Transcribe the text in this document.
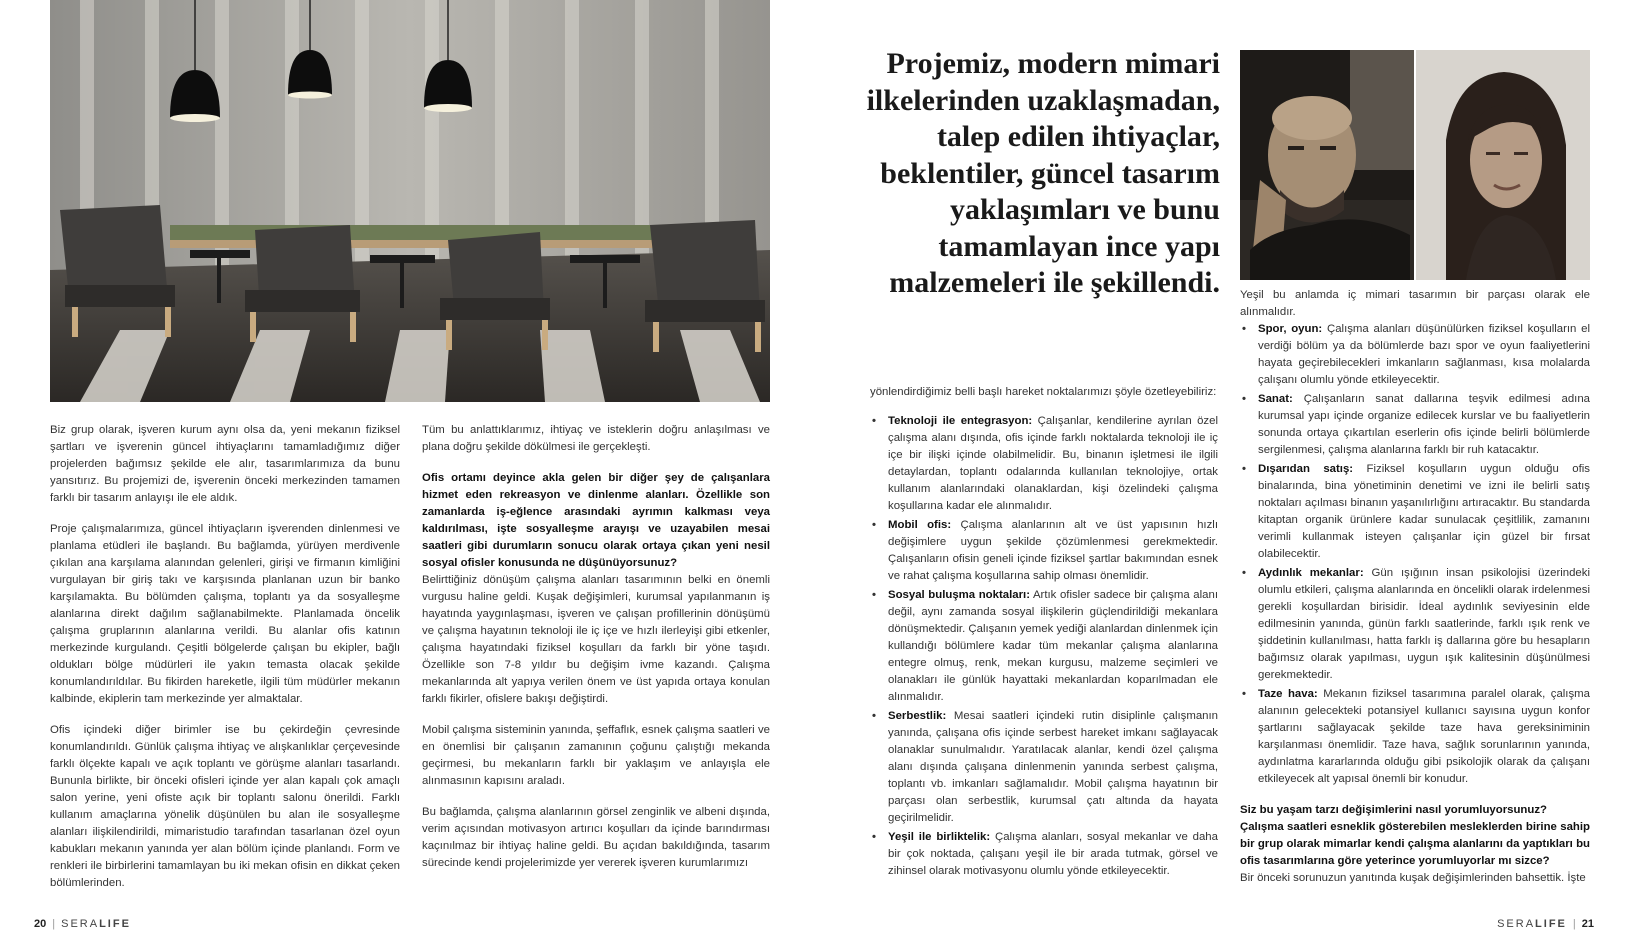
Biz grup olarak, işveren kurum aynı olsa da, yeni mekanın fiziksel şartları ve işverenin güncel ihtiyaçlarını tamamladığımız diğer projelerden bağımsız şekilde ele alır, tasarımlarımıza da bunu yansıtırız. Bu projemizi de, işverenin önceki merkezinden tamamen farklı bir tasarım anlayışı ile ele aldık.

Proje çalışmalarımıza, güncel ihtiyaçların işverenden dinlenmesi ve planlama etüdleri ile başlandı. Bu bağlamda, yürüyen merdivenle çıkılan ana karşılama alanından gelenleri, girişi ve firmanın kimliğini vurgulayan bir giriş takı ve karşısında planlanan uzun bir banko karşılamakta. Bu bölümden çalışma, toplantı ya da sosyalleşme alanlarına direkt dağılım sağlanabilmekte. Planlamada öncelik çalışma gruplarının alanlarına verildi. Bu alanlar ofis katının merkezinde kurgulandı. Çeşitli bölgelerde çalışan bu ekipler, bağlı oldukları bölge müdürleri ile yakın temasta olacak şekilde konumlandırıldılar. Bu fikirden hareketle, ilgili tüm müdürler mekanın kalbinde, ekiplerin tam merkezinde yer almaktalar.

Ofis içindeki diğer birimler ise bu çekirdeğin çevresinde konumlandırıldı. Günlük çalışma ihtiyaç ve alışkanlıklar çerçevesinde farklı ölçekte kapalı ve açık toplantı ve görüşme alanları tasarlandı. Bununla birlikte, bir önceki ofisleri içinde yer alan kapalı çok amaçlı salon yerine, yeni ofiste açık bir toplantı salonu önerildi. Farklı kullanım amaçlarına yönelik düşünülen bu alan ile sosyalleşme alanları ilişkilendirildi, mimaristudio tarafından tasarlanan özel oyun kabukları mekanın yanında yer alan bölüm içinde planlandı. Form ve renkleri ile birbirlerini tamamlayan bu iki mekan ofisin en dikkat çeken bölümlerinden.

Tüm bu anlattıklarımız, ihtiyaç ve isteklerin doğru anlaşılması ve plana doğru şekilde dökülmesi ile gerçekleşti.

Ofis ortamı deyince akla gelen bir diğer şey de çalışanlara hizmet eden rekreasyon ve dinlenme alanları. Özellikle son zamanlarda iş-eğlence arasındaki ayrımın kalkması veya kaldırılması, işte sosyalleşme arayışı ve uzayabilen mesai saatleri gibi durumların sonucu olarak ortaya çıkan yeni nesil sosyal ofisler konusunda ne düşünüyorsunuz?

Belirttiğiniz dönüşüm çalışma alanları tasarımının belki en önemli vurgusu haline geldi. Kuşak değişimleri, kurumsal yapılanmanın iş hayatında yaygınlaşması, işveren ve çalışan profillerinin dönüşümü ve çalışma hayatının teknoloji ile iç içe ve hızlı ilerleyişi gibi etkenler, çalışma hayatındaki fiziksel koşulları da farklı bir yöne taşıdı. Özellikle son 7-8 yıldır bu değişim ivme kazandı. Çalışma mekanlarında alt yapıya verilen önem ve üst yapıda ortaya konulan farklı fikirler, ofislere bakışı değiştirdi.

Mobil çalışma sisteminin yanında, şeffaflık, esnek çalışma saatleri ve en önemlisi bir çalışanın zamanının çoğunu çalıştığı mekanda geçirmesi, bu mekanların farklı bir yaklaşım ve anlayışla ele alınmasının kapısını araladı.

Bu bağlamda, çalışma alanlarının görsel zenginlik ve albeni dışında, verim açısından motivasyon artırıcı koşulları da içinde barındırması kaçınılmaz bir ihtiyaç haline geldi. Bu açıdan bakıldığında, tasarım sürecinde kendi projelerimizde yer vererek işveren kurumlarımızı

20 | SERALIFE

Projemiz, modern mimari ilkelerinden uzaklaşmadan, talep edilen ihtiyaçlar, beklentiler, güncel tasarım yaklaşımları ve bunu tamamlayan ince yapı malzemeleri ile şekillendi.

yönlendirdiğimiz belli başlı hareket noktalarımızı şöyle özetleyebiliriz:

• Teknoloji ile entegrasyon: Çalışanlar, kendilerine ayrılan özel çalışma alanı dışında, ofis içinde farklı noktalarda teknoloji ile iç içe bir ilişki içinde olabilmelidir. Bu, binanın işletmesi ile ilgili detaylardan, toplantı odalarında kullanılan teknolojiye, ortak kullanım alanlarındaki olanaklardan, kişi özelindeki çalışma koşullarına kadar ele alınmalıdır.
• Mobil ofis: Çalışma alanlarının alt ve üst yapısının hızlı değişimlere uygun şekilde çözümlenmesi gerekmektedir. Çalışanların ofisin geneli içinde fiziksel şartlar bakımından esnek ve rahat çalışma koşullarına sahip olması önemlidir.
• Sosyal buluşma noktaları: Artık ofisler sadece bir çalışma alanı değil, aynı zamanda sosyal ilişkilerin güçlendirildiği mekanlara dönüşmektedir. Çalışanın yemek yediği alanlardan dinlenmek için kullandığı bölümlere kadar tüm mekanlar çalışma alanlarına entegre olmuş, renk, mekan kurgusu, malzeme seçimleri ve olanakları ile günlük hayattaki mekanlardan koparılmadan ele alınmalıdır.
• Serbestlik: Mesai saatleri içindeki rutin disiplinle çalışmanın yanında, çalışana ofis içinde serbest hareket imkanı sağlayacak olanaklar sunulmalıdır. Yaratılacak alanlar, kendi özel çalışma alanı dışında çalışana dinlenmenin yanında serbest çalışma, toplantı vb. imkanları sağlamalıdır. Mobil çalışma hayatının bir parçası olan serbestlik, kurumsal çatı altında da hayata geçirilmelidir.
• Yeşil ile birliktelik: Çalışma alanları, sosyal mekanlar ve daha bir çok noktada, çalışanı yeşil ile bir arada tutmak, görsel ve zihinsel olarak motivasyonu olumlu yönde etkileyecektir.

Yeşil bu anlamda iç mimari tasarımın bir parçası olarak ele alınmalıdır.

• Spor, oyun: Çalışma alanları düşünülürken fiziksel koşulların el verdiği bölüm ya da bölümlerde bazı spor ve oyun faaliyetlerini hayata geçirebilecekleri imkanların sağlanması, kısa molalarda çalışanı olumlu yönde etkileyecektir.
• Sanat: Çalışanların sanat dallarına teşvik edilmesi adına kurumsal yapı içinde organize edilecek kurslar ve bu faaliyetlerin sonunda ortaya çıkartılan eserlerin ofis içinde belirli bölümlerde sergilenmesi, çalışma alanlarına farklı bir ruh katacaktır.
• Dışarıdan satış: Fiziksel koşulların uygun olduğu ofis binalarında, bina yönetiminin denetimi ve izni ile belirli satış noktaları açılması binanın yaşanılırlığını artıracaktır. Bu standarda kitaptan organik ürünlere kadar sunulacak çeşitlilik, zamanını verimli kullanmak isteyen çalışanlar için güzel bir fırsat olabilecektir.
• Aydınlık mekanlar: Gün ışığının insan psikolojisi üzerindeki olumlu etkileri, çalışma alanlarında en öncelikli olarak irdelenmesi gerekli koşullardan birisidir. İdeal aydınlık seviyesinin elde edilmesinin yanında, günün farklı saatlerinde, farklı ışık renk ve şiddetinin kullanılması, hatta farklı iş dallarına göre bu hesapların bağımsız olarak yapılması, uygun ışık kalitesinin düşünülmesi gerekmektedir.
• Taze hava: Mekanın fiziksel tasarımına paralel olarak, çalışma alanının gelecekteki potansiyel kullanıcı sayısına uygun konfor şartlarını sağlayacak şekilde taze hava gereksiniminin karşılanması önemlidir. Taze hava, sağlık sorunlarının yanında, aydınlatma kararlarında olduğu gibi psikolojik olarak da çalışanı etkileyecek alt yapısal önemli bir konudur.

Siz bu yaşam tarzı değişimlerini nasıl yorumluyorsunuz?

Çalışma saatleri esneklik gösterebilen mesleklerden birine sahip bir grup olarak mimarlar kendi çalışma alanlarını da yaptıkları bu ofis tasarımlarına göre yeterince yorumluyorlar mı sizce?

Bir önceki sorunuzun yanıtında kuşak değişimlerinden bahsettik. İşte

SERALIFE | 21
